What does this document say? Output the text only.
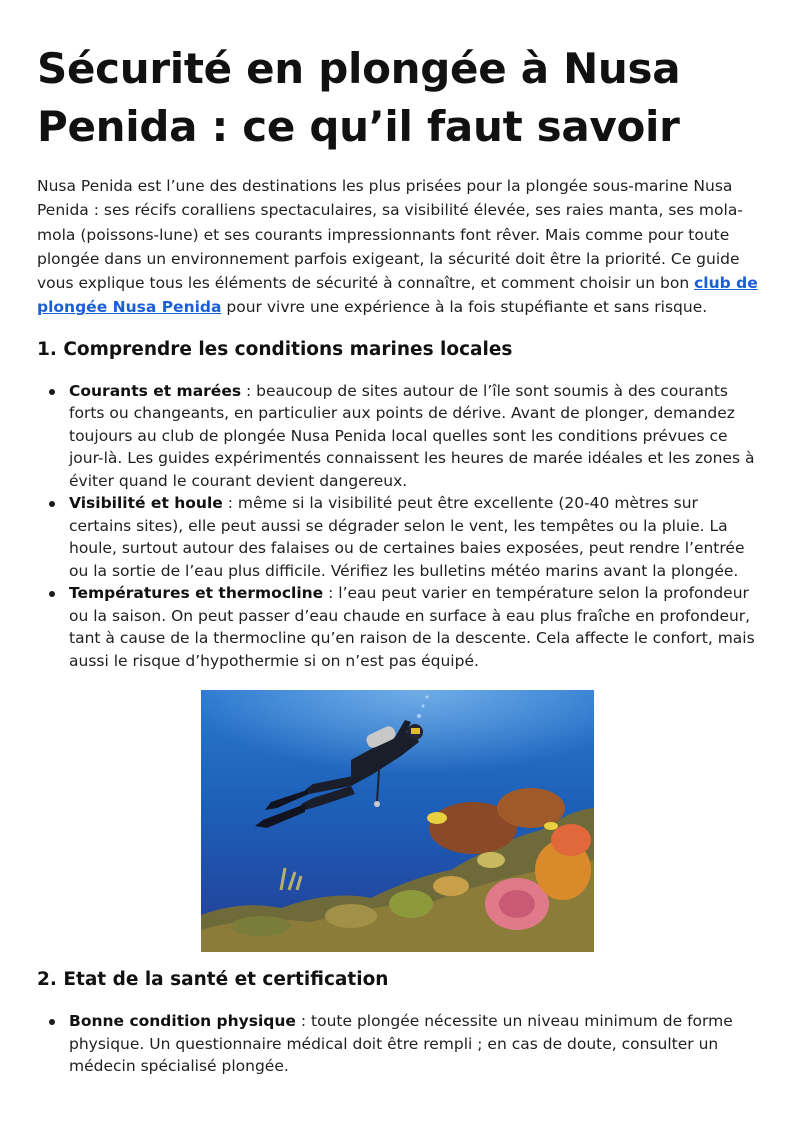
Sécurité en plongée à Nusa Penida : ce qu’il faut savoir

Nusa Penida est l’une des destinations les plus prisées pour la plongée sous-marine Nusa Penida : ses récifs coralliens spectaculaires, sa visibilité élevée, ses raies manta, ses mola-mola (poissons-lune) et ses courants impressionnants font rêver. Mais comme pour toute plongée dans un environnement parfois exigeant, la sécurité doit être la priorité. Ce guide vous explique tous les éléments de sécurité à connaître, et comment choisir un bon club de plongée Nusa Penida pour vivre une expérience à la fois stupéfiante et sans risque.

1. Comprendre les conditions marines locales
Courants et marées : beaucoup de sites autour de l’île sont soumis à des courants forts ou changeants, en particulier aux points de dérive. Avant de plonger, demandez toujours au club de plongée Nusa Penida local quelles sont les conditions prévues ce jour-là. Les guides expérimentés connaissent les heures de marée idéales et les zones à éviter quand le courant devient dangereux.
Visibilité et houle : même si la visibilité peut être excellente (20-40 mètres sur certains sites), elle peut aussi se dégrader selon le vent, les tempêtes ou la pluie. La houle, surtout autour des falaises ou de certaines baies exposées, peut rendre l’entrée ou la sortie de l’eau plus difficile. Vérifiez les bulletins météo marins avant la plongée.
Températures et thermocline : l’eau peut varier en température selon la profondeur ou la saison. On peut passer d’eau chaude en surface à eau plus fraîche en profondeur, tant à cause de la thermocline qu’en raison de la descente. Cela affecte le confort, mais aussi le risque d’hypothermie si on n’est pas équipé.
2. Etat de la santé et certification
Bonne condition physique : toute plongée nécessite un niveau minimum de forme physique. Un questionnaire médical doit être rempli ; en cas de doute, consulter un médecin spécialisé plongée.
